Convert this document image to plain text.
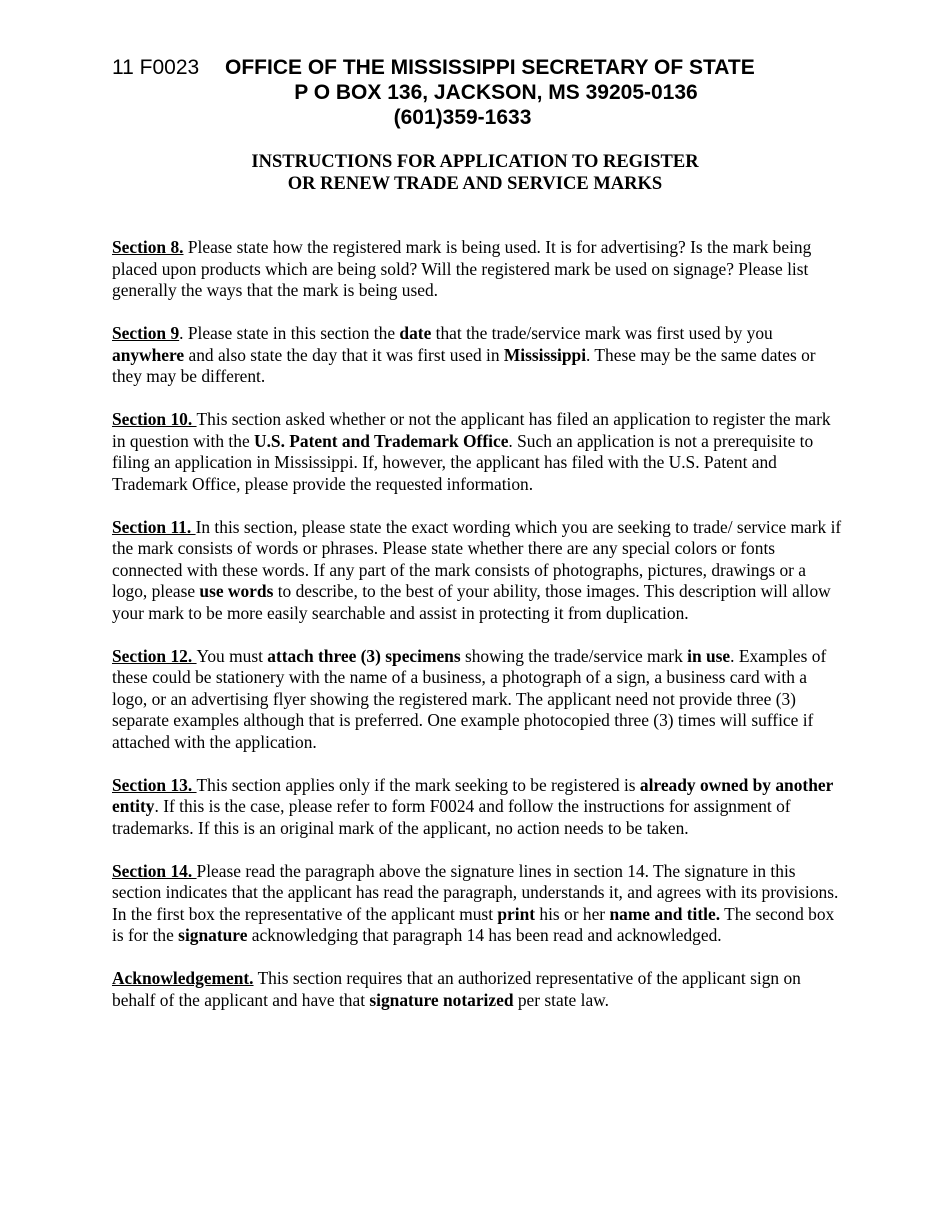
11 F0023 OFFICE OF THE MISSISSIPPI SECRETARY OF STATE
P O BOX 136, JACKSON, MS 39205-0136
(601)359-1633
INSTRUCTIONS FOR APPLICATION TO REGISTER
OR RENEW TRADE AND SERVICE MARKS

Section 8. Please state how the registered mark is being used. It is for advertising? Is the mark being placed upon products which are being sold? Will the registered mark be used on signage? Please list generally the ways that the mark is being used.

Section 9. Please state in this section the date that the trade/service mark was first used by you anywhere and also state the day that it was first used in Mississippi. These may be the same dates or they may be different.

Section 10. This section asked whether or not the applicant has filed an application to register the mark in question with the U.S. Patent and Trademark Office. Such an application is not a prerequisite to filing an application in Mississippi. If, however, the applicant has filed with the U.S. Patent and Trademark Office, please provide the requested information.

Section 11. In this section, please state the exact wording which you are seeking to trade/ service mark if the mark consists of words or phrases. Please state whether there are any special colors or fonts connected with these words. If any part of the mark consists of photographs, pictures, drawings or a logo, please use words to describe, to the best of your ability, those images. This description will allow your mark to be more easily searchable and assist in protecting it from duplication.

Section 12. You must attach three (3) specimens showing the trade/service mark in use. Examples of these could be stationery with the name of a business, a photograph of a sign, a business card with a logo, or an advertising flyer showing the registered mark. The applicant need not provide three (3) separate examples although that is preferred. One example photocopied three (3) times will suffice if attached with the application.

Section 13. This section applies only if the mark seeking to be registered is already owned by another entity. If this is the case, please refer to form F0024 and follow the instructions for assignment of trademarks. If this is an original mark of the applicant, no action needs to be taken.

Section 14. Please read the paragraph above the signature lines in section 14. The signature in this section indicates that the applicant has read the paragraph, understands it, and agrees with its provisions. In the first box the representative of the applicant must print his or her name and title. The second box is for the signature acknowledging that paragraph 14 has been read and acknowledged.

Acknowledgement. This section requires that an authorized representative of the applicant sign on behalf of the applicant and have that signature notarized per state law.
